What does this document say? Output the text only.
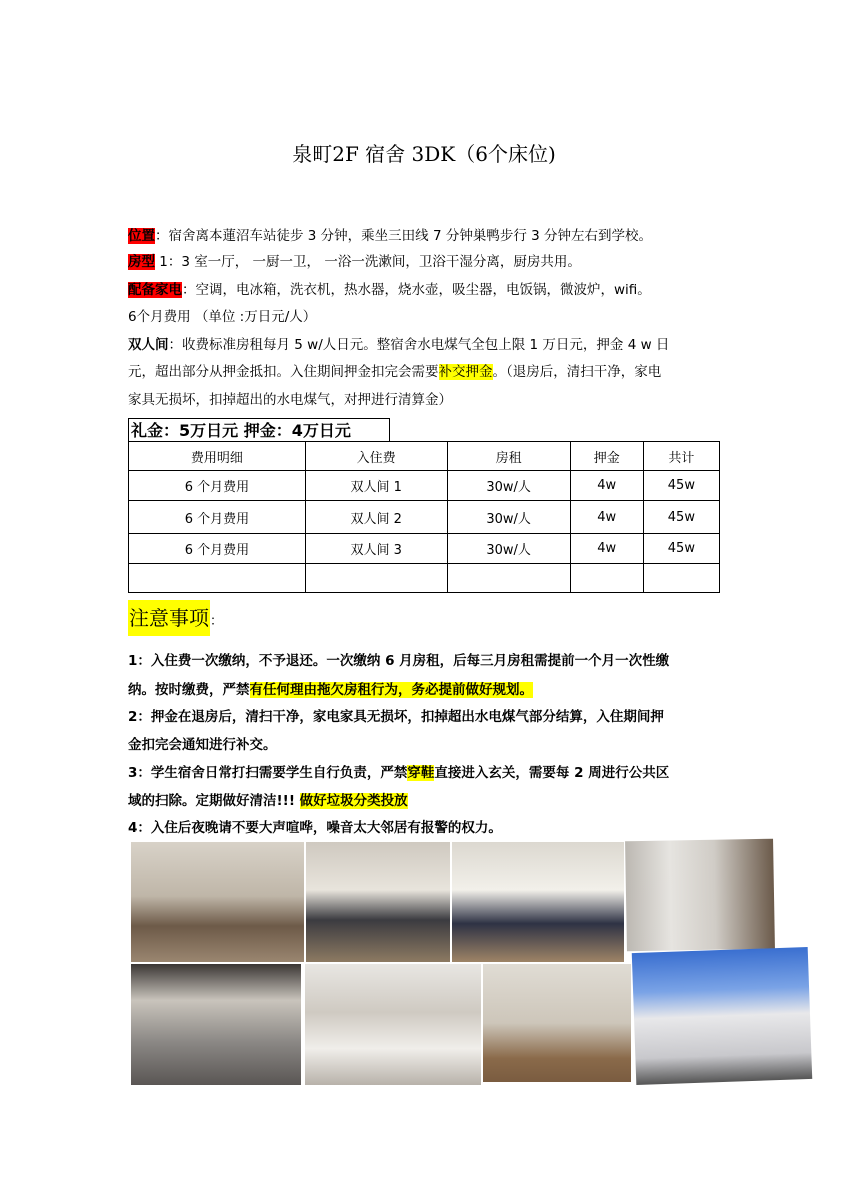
泉町2F 宿舍 3DK（6个床位)
位置：宿舍离本蓮沼车站徒步 3 分钟，乘坐三田线 7 分钟巣鸭步行 3 分钟左右到学校。
房型 1：3 室一厅， 一厨一卫， 一浴一洗漱间，卫浴干湿分离，厨房共用。
配备家电：空调，电冰箱，洗衣机，热水器，烧水壶，吸尘器，电饭锅，微波炉，wifi。
6个月费用 （单位 :万日元/人）
双人间：收费标准房租每月 5 w/人日元。整宿舍水电煤气全包上限 1 万日元，押金 4 w 日
元，超出部分从押金抵扣。入住期间押金扣完会需要补交押金。（退房后，清扫干净，家电
家具无损坏，扣掉超出的水电煤气，对押进行清算金）
礼金：5万日元 押金：4万日元
费用明细	入住费	房租	押金	共计
6 个月费用	双人间 1	30w/人	4w	45w
6 个月费用	双人间 2	30w/人	4w	45w
6 个月费用	双人间 3	30w/人	4w	45w

注意事项：
1：入住费一次缴纳，不予退还。一次缴纳 6 月房租，后每三月房租需提前一个月一次性缴
纳。按时缴费，严禁有任何理由拖欠房租行为，务必提前做好规划。
2：押金在退房后，清扫干净，家电家具无损坏，扣掉超出水电煤气部分结算，入住期间押
金扣完会通知进行补交。
3：学生宿舍日常打扫需要学生自行负责，严禁穿鞋直接进入玄关，需要每 2 周进行公共区
域的扫除。定期做好清洁!!! 做好垃圾分类投放
4：入住后夜晚请不要大声喧哗，噪音太大邻居有报警的权力。
